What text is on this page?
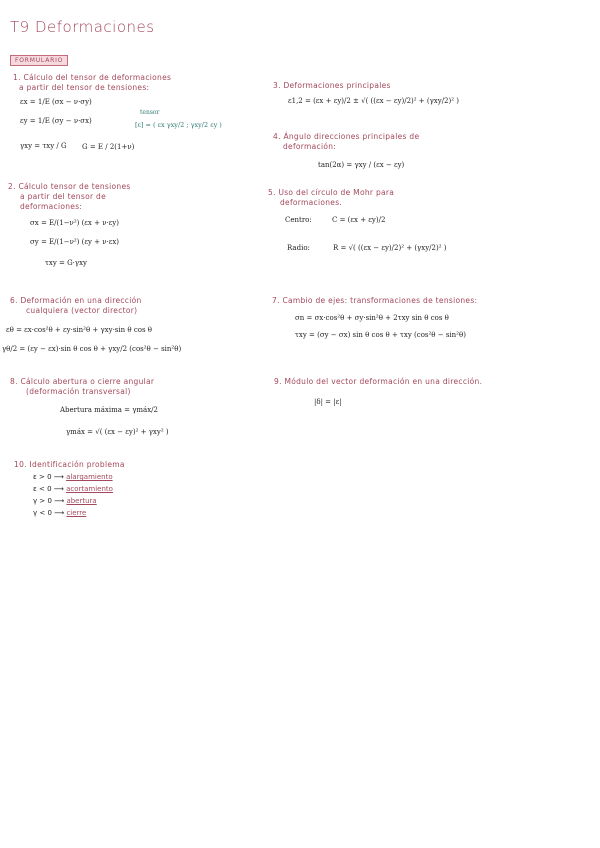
T9 Deformaciones
FORMULARIO
1. Cálculo del tensor de deformaciones
a partir del tensor de tensiones:
εx = 1/E (σx − ν·σy)
εy = 1/E (σy − ν·σx)
γxy = τxy / G G = E / 2(1+ν)
tensor
[ε] = ( εx γxy/2 ; γxy/2 εy )
2. Cálculo tensor de tensiones
a partir del tensor de
deformaciones:
σx = E/(1−ν²) (εx + ν·εy)
σy = E/(1−ν²) (εy + ν·εx)
τxy = G·γxy
3. Deformaciones principales
ε1,2 = (εx + εy)/2 ± √( ((εx − εy)/2)² + (γxy/2)² )
4. Ángulo direcciones principales de
deformación:
tan(2α) = γxy / (εx − εy)
5. Uso del círculo de Mohr para
deformaciones.
Centro:	C = (εx + εy)/2
Radio:	R = √( ((εx − εy)/2)² + (γxy/2)² )
6. Deformación en una dirección
cualquiera (vector director)
εθ = εx·cos²θ + εy·sin²θ + γxy·sin θ cos θ
γθ/2 = (εy − εx)·sin θ cos θ + γxy/2 (cos²θ − sin²θ)
7. Cambio de ejes: transformaciones de tensiones:
σn = σx·cos²θ + σy·sin²θ + 2τxy sin θ cos θ
τxy = (σy − σx) sin θ cos θ + τxy (cos²θ − sin²θ)
8. Cálculo abertura o cierre angular
(deformación transversal)
Abertura máxima = γmáx/2
γmáx = √( (εx − εy)² + γxy² )
9. Módulo del vector deformación en una dirección.
|δ| = |ε|
10. Identificación problema
ε > 0 ⟶ alargamiento
ε < 0 ⟶ acortamiento
γ > 0 ⟶ abertura
γ < 0 ⟶ cierre
